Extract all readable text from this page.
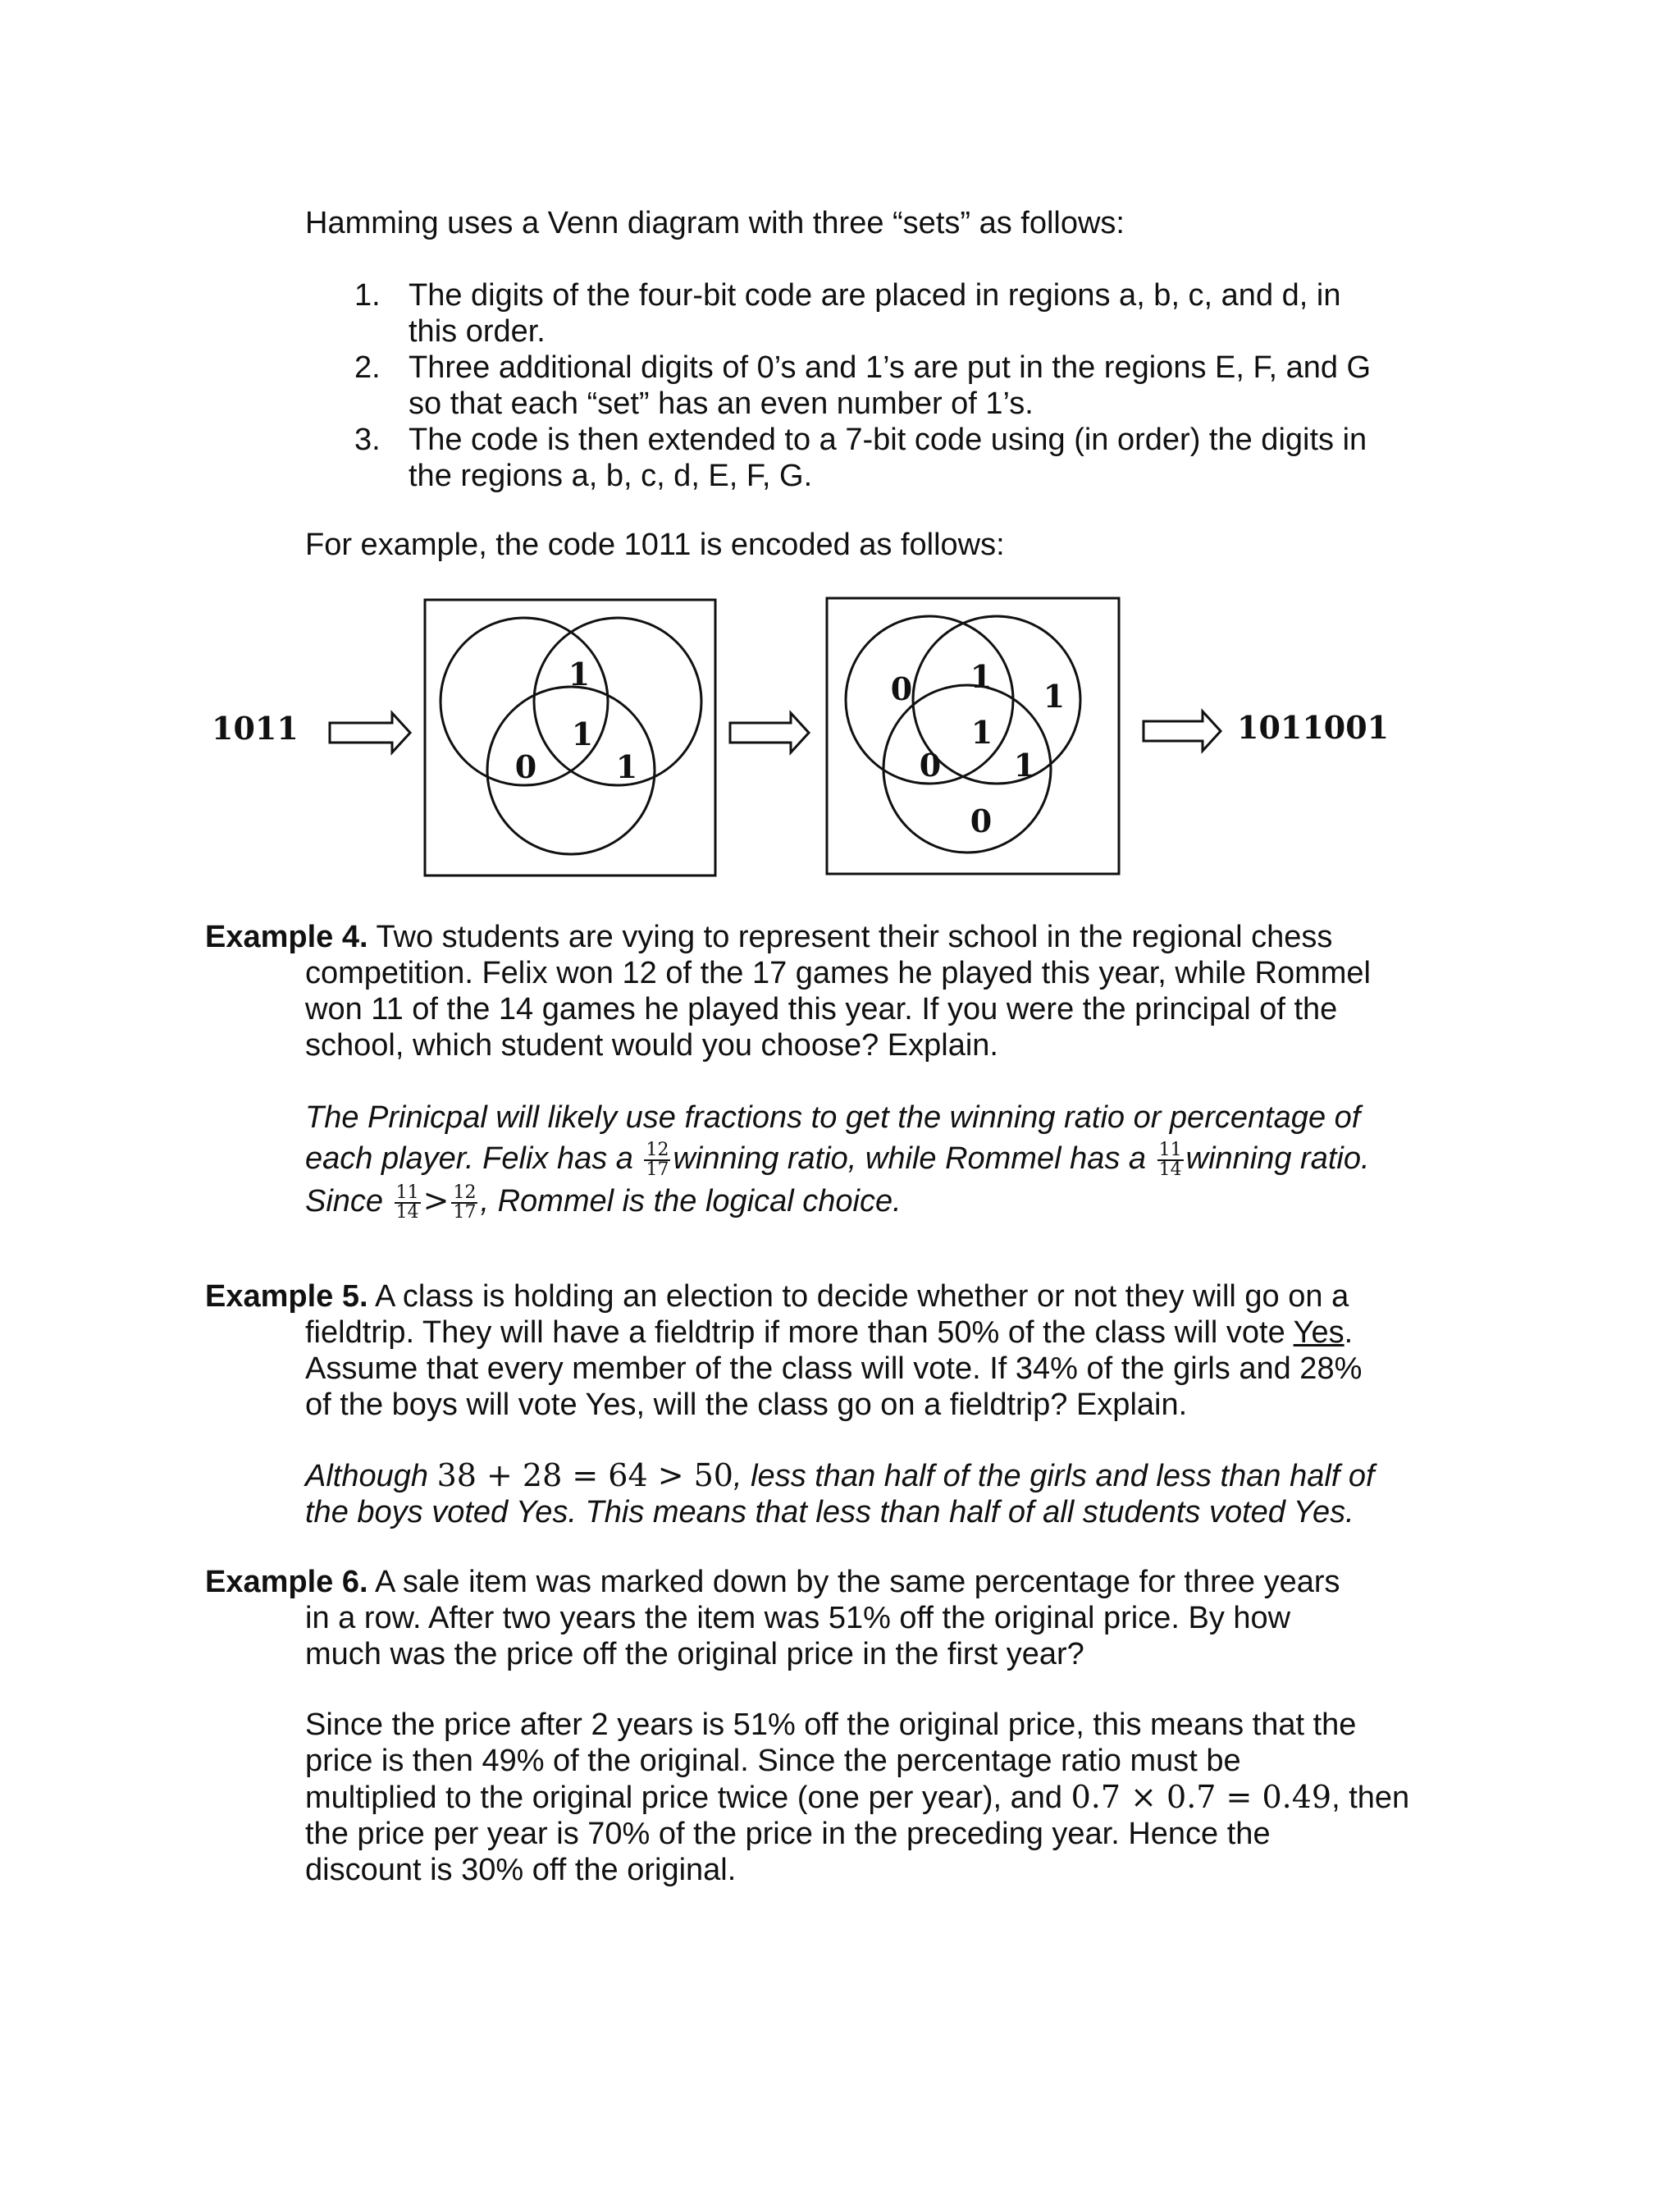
Hamming uses a Venn diagram with three “sets” as follows:

1. The digits of the four-bit code are placed in regions a, b, c, and d, in
this order.
2. Three additional digits of 0’s and 1’s are put in the regions E, F, and G
so that each “set” has an even number of 1’s.
3. The code is then extended to a 7-bit code using (in order) the digits in
the regions a, b, c, d, E, F, G.

For example, the code 1011 is encoded as follows:

1011
1
1
0	1
0 1
1
1
0 1
0
1011001
Example 4. Two students are vying to represent their school in the regional chess
competition. Felix won 12 of the 17 games he played this year, while Rommel
won 11 of the 14 games he played this year. If you were the principal of the
school, which student would you choose? Explain.
The Prinicpal will likely use fractions to get the winning ratio or percentage of
each player. Felix has a $\frac{12}{17}$ winning ratio, while Rommel has a $\frac{11}{14}$ winning ratio.
Since $\frac{11}{14} > \frac{12}{17}$ , Rommel is the logical choice.
Example 5. A class is holding an election to decide whether or not they will go on a
fieldtrip. They will have a fieldtrip if more than 50% of the class will vote Yes.
Assume that every member of the class will vote. If 34% of the girls and 28%
of the boys will vote Yes, will the class go on a fieldtrip? Explain.
Although 38 + 28 = 64 > 50, less than half of the girls and less than half of
the boys voted Yes. This means that less than half of all students voted Yes.
Example 6. A sale item was marked down by the same percentage for three years
in a row. After two years the item was 51% off the original price. By how
much was the price off the original price in the first year?
Since the price after 2 years is 51% off the original price, this means that the
price is then 49% of the original. Since the percentage ratio must be
multiplied to the original price twice (one per year), and 0.7 × 0.7 = 0.49, then
the price per year is 70% of the price in the preceding year. Hence the
discount is 30% off the original.
